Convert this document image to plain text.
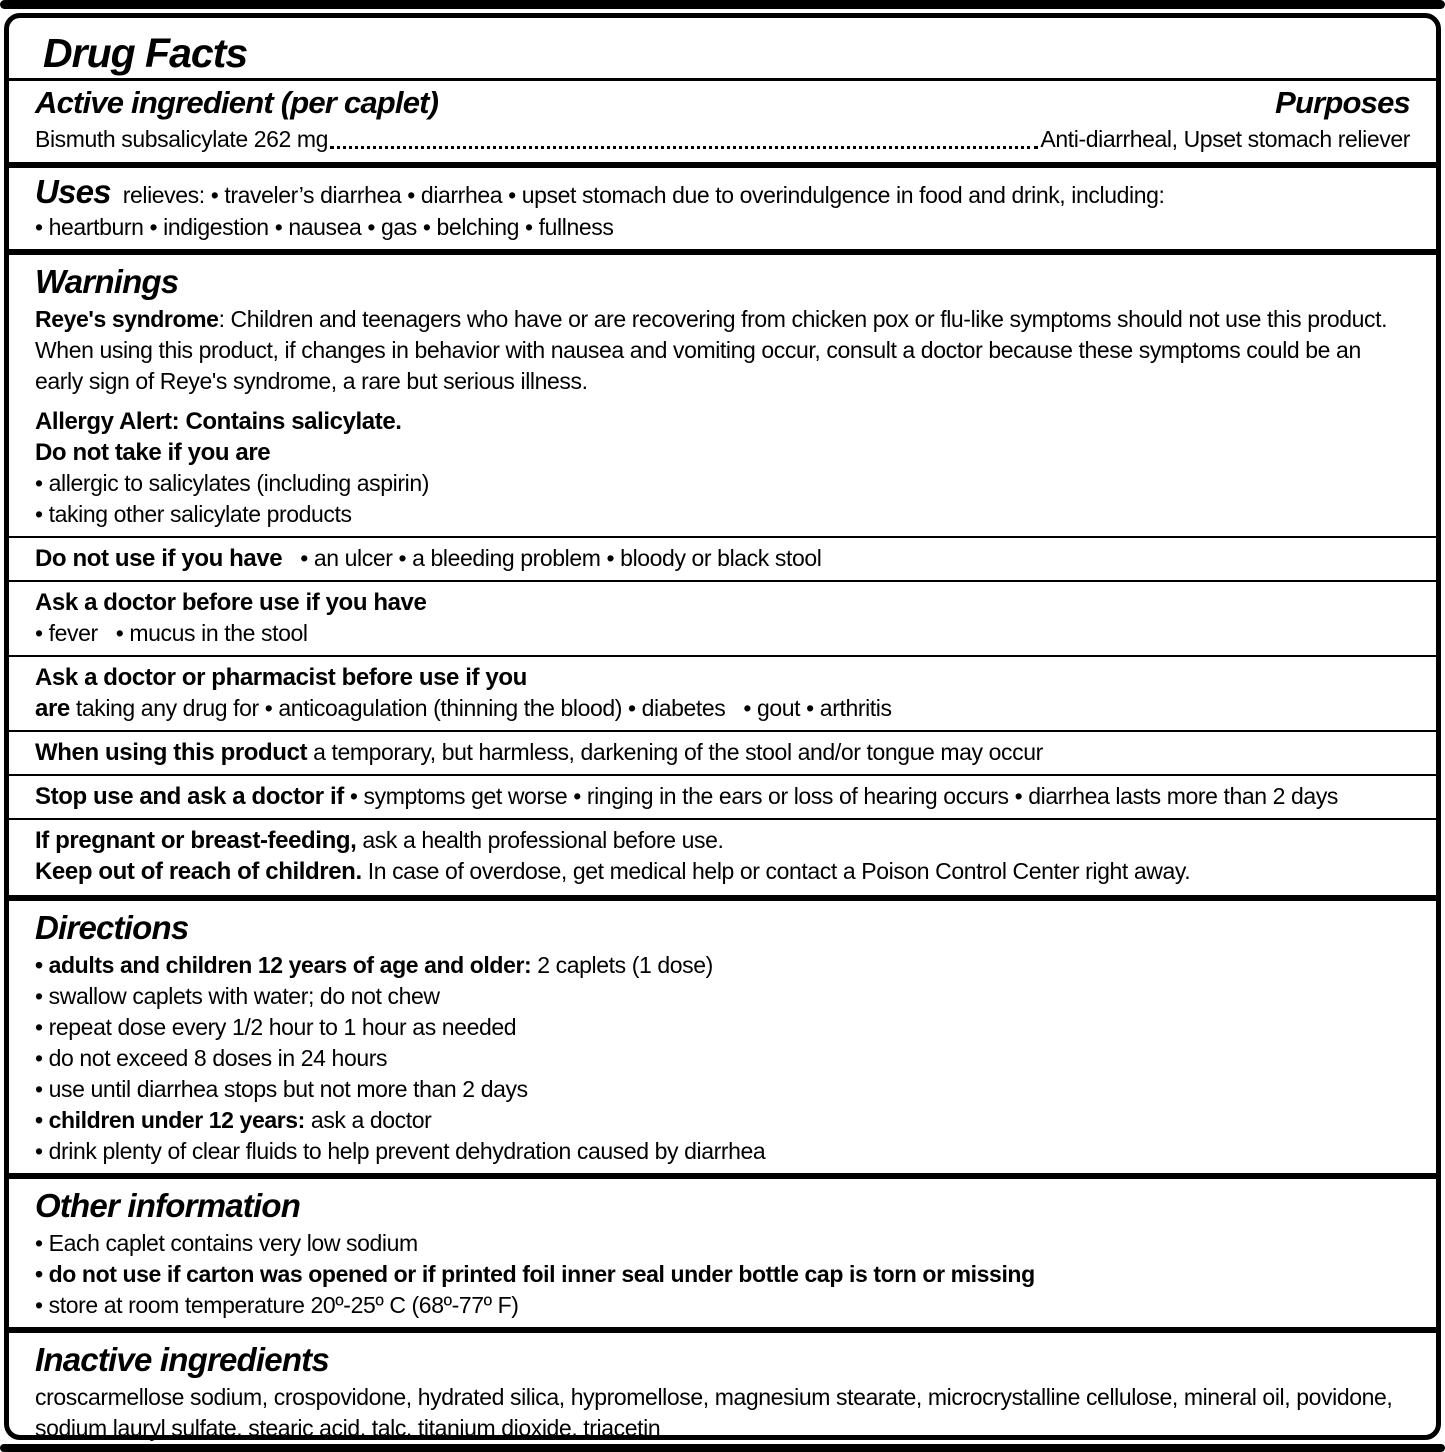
Drug Facts
Active ingredient (per caplet)	Purposes
Bismuth subsalicylate 262 mg	Anti-diarrheal, Upset stomach reliever

Uses relieves: • traveler’s diarrhea • diarrhea • upset stomach due to overindulgence in food and drink, including:

• heartburn • indigestion • nausea • gas • belching • fullness

Warnings

Reye's syndrome: Children and teenagers who have or are recovering from chicken pox or flu-like symptoms should not use this product. When using this product, if changes in behavior with nausea and vomiting occur, consult a doctor because these symptoms could be an early sign of Reye's syndrome, a rare but serious illness.

Allergy Alert: Contains salicylate.

Do not take if you are

• allergic to salicylates (including aspirin)

• taking other salicylate products

Do not use if you have   • an ulcer • a bleeding problem • bloody or black stool

Ask a doctor before use if you have

• fever   • mucus in the stool

Ask a doctor or pharmacist before use if you

are taking any drug for • anticoagulation (thinning the blood) • diabetes   • gout • arthritis

When using this product a temporary, but harmless, darkening of the stool and/or tongue may occur

Stop use and ask a doctor if • symptoms get worse • ringing in the ears or loss of hearing occurs • diarrhea lasts more than 2 days

If pregnant or breast-feeding, ask a health professional before use.

Keep out of reach of children. In case of overdose, get medical help or contact a Poison Control Center right away.

Directions

• adults and children 12 years of age and older: 2 caplets (1 dose)

• swallow caplets with water; do not chew

• repeat dose every 1/2 hour to 1 hour as needed

• do not exceed 8 doses in 24 hours

• use until diarrhea stops but not more than 2 days

• children under 12 years: ask a doctor

• drink plenty of clear fluids to help prevent dehydration caused by diarrhea

Other information

• Each caplet contains very low sodium

• do not use if carton was opened or if printed foil inner seal under bottle cap is torn or missing

• store at room temperature 20º-25º C (68º-77º F)

Inactive ingredients

croscarmellose sodium, crospovidone, hydrated silica, hypromellose, magnesium stearate, microcrystalline cellulose, mineral oil, povidone, sodium lauryl sulfate, stearic acid, talc, titanium dioxide, triacetin
